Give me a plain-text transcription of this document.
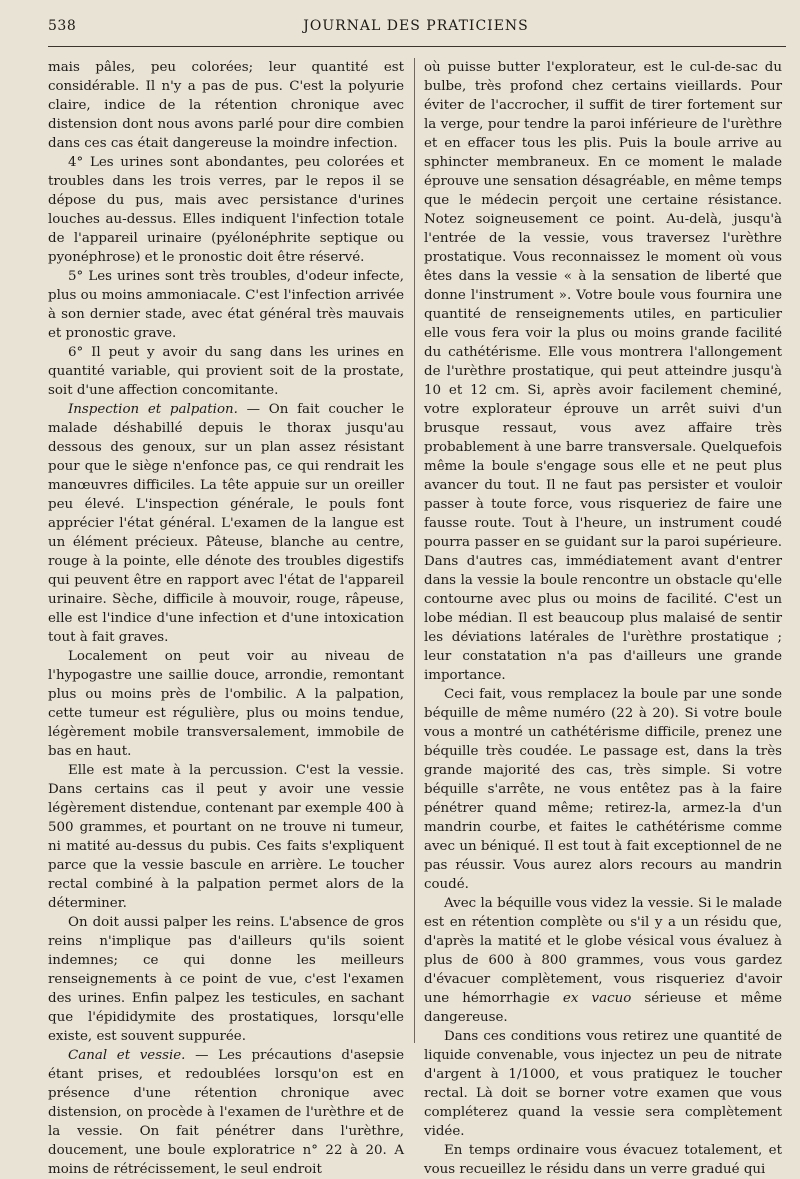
538	JOURNAL DES PRATICIENS

mais pâles, peu colorées; leur quantité est considérable. Il n'y a pas de pus. C'est la polyurie claire, indice de la rétention chronique avec distension dont nous avons parlé pour dire combien dans ces cas était dangereuse la moindre infection.

4° Les urines sont abondantes, peu colorées et troubles dans les trois verres, par le repos il se dépose du pus, mais avec persistance d'urines louches au-dessus. Elles indiquent l'infection totale de l'appareil urinaire (pyélonéphrite septique ou pyonéphrose) et le pronostic doit être réservé.

5° Les urines sont très troubles, d'odeur infecte, plus ou moins ammoniacale. C'est l'infection arrivée à son dernier stade, avec état général très mauvais et pronostic grave.

6° Il peut y avoir du sang dans les urines en quantité variable, qui provient soit de la prostate, soit d'une affection concomitante.

Inspection et palpation. — On fait coucher le malade déshabillé depuis le thorax jusqu'au dessous des genoux, sur un plan assez résistant pour que le siège n'enfonce pas, ce qui rendrait les manœuvres difficiles. La tête appuie sur un oreiller peu élevé. L'inspection générale, le pouls font apprécier l'état général. L'examen de la langue est un élément précieux. Pâteuse, blanche au centre, rouge à la pointe, elle dénote des troubles digestifs qui peuvent être en rapport avec l'état de l'appareil urinaire. Sèche, difficile à mouvoir, rouge, râpeuse, elle est l'indice d'une infection et d'une intoxication tout à fait graves.

Localement on peut voir au niveau de l'hypogastre une saillie douce, arrondie, remontant plus ou moins près de l'ombilic. A la palpation, cette tumeur est régulière, plus ou moins tendue, légèrement mobile transversalement, immobile de bas en haut.

Elle est mate à la percussion. C'est la vessie. Dans certains cas il peut y avoir une vessie légèrement distendue, contenant par exemple 400 à 500 grammes, et pourtant on ne trouve ni tumeur, ni matité au-dessus du pubis. Ces faits s'expliquent parce que la vessie bascule en arrière. Le toucher rectal combiné à la palpation permet alors de la déterminer.

On doit aussi palper les reins. L'absence de gros reins n'implique pas d'ailleurs qu'ils soient indemnes; ce qui donne les meilleurs renseignements à ce point de vue, c'est l'examen des urines. Enfin palpez les testicules, en sachant que l'épididymite des prostatiques, lorsqu'elle existe, est souvent suppurée.

Canal et vessie. — Les précautions d'asepsie étant prises, et redoublées lorsqu'on est en présence d'une rétention chronique avec distension, on procède à l'examen de l'urèthre et de la vessie. On fait pénétrer dans l'urèthre, doucement, une boule exploratrice n° 22 à 20. A moins de rétrécissement, le seul endroit

où puisse butter l'explorateur, est le cul-de-sac du bulbe, très profond chez certains vieillards. Pour éviter de l'accrocher, il suffit de tirer fortement sur la verge, pour tendre la paroi inférieure de l'urèthre et en effacer tous les plis. Puis la boule arrive au sphincter membraneux. En ce moment le malade éprouve une sensation désagréable, en même temps que le médecin perçoit une certaine résistance. Notez soigneusement ce point. Au-delà, jusqu'à l'entrée de la vessie, vous traversez l'urèthre prostatique. Vous reconnaissez le moment où vous êtes dans la vessie « à la sensation de liberté que donne l'instrument ». Votre boule vous fournira une quantité de renseignements utiles, en particulier elle vous fera voir la plus ou moins grande facilité du cathétérisme. Elle vous montrera l'allongement de l'urèthre prostatique, qui peut atteindre jusqu'à 10 et 12 cm. Si, après avoir facilement cheminé, votre explorateur éprouve un arrêt suivi d'un brusque ressaut, vous avez affaire très probablement à une barre transversale. Quelquefois même la boule s'engage sous elle et ne peut plus avancer du tout. Il ne faut pas persister et vouloir passer à toute force, vous risqueriez de faire une fausse route. Tout à l'heure, un instrument coudé pourra passer en se guidant sur la paroi supérieure. Dans d'autres cas, immédiatement avant d'entrer dans la vessie la boule rencontre un obstacle qu'elle contourne avec plus ou moins de facilité. C'est un lobe médian. Il est beaucoup plus malaisé de sentir les déviations latérales de l'urèthre prostatique ; leur constatation n'a pas d'ailleurs une grande importance.

Ceci fait, vous remplacez la boule par une sonde béquille de même numéro (22 à 20). Si votre boule vous a montré un cathétérisme difficile, prenez une béquille très coudée. Le passage est, dans la très grande majorité des cas, très simple. Si votre béquille s'arrête, ne vous entêtez pas à la faire pénétrer quand même; retirez-la, armez-la d'un mandrin courbe, et faites le cathétérisme comme avec un béniqué. Il est tout à fait exceptionnel de ne pas réussir. Vous aurez alors recours au mandrin coudé.

Avec la béquille vous videz la vessie. Si le malade est en rétention complète ou s'il y a un résidu que, d'après la matité et le globe vésical vous évaluez à plus de 600 à 800 grammes, vous vous gardez d'évacuer complètement, vous risqueriez d'avoir une hémorrhagie ex vacuo sérieuse et même dangereuse.

Dans ces conditions vous retirez une quantité de liquide convenable, vous injectez un peu de nitrate d'argent à 1/1000, et vous pratiquez le toucher rectal. Là doit se borner votre examen que vous compléterez quand la vessie sera complètement vidée.

En temps ordinaire vous évacuez totalement, et vous recueillez le résidu dans un verre gradué qui
